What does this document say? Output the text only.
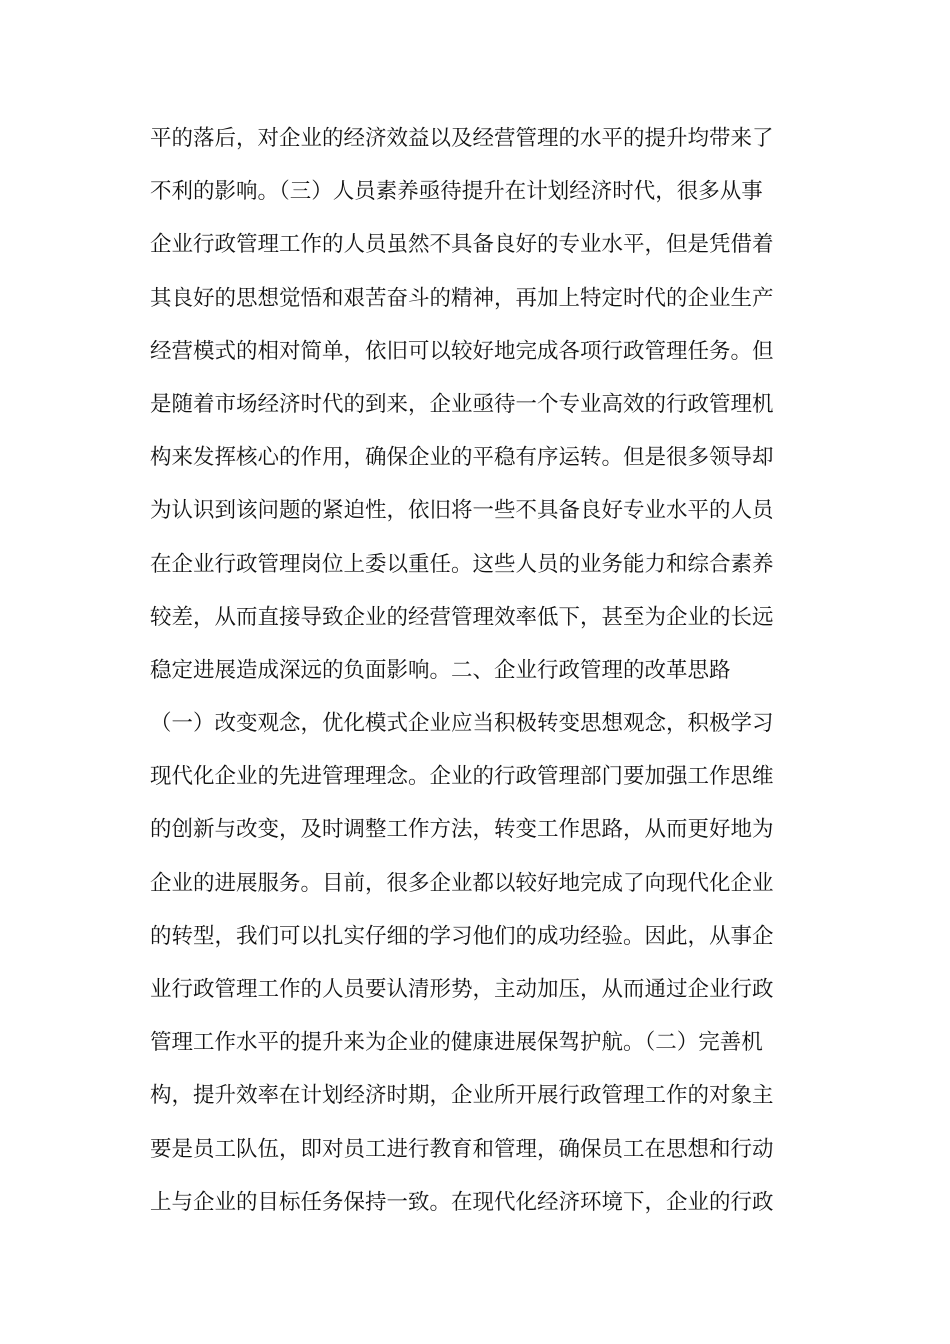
平的落后，对企业的经济效益以及经营管理的水平的提升均带来了
不利的影响。（三）人员素养亟待提升在计划经济时代，很多从事
企业行政管理工作的人员虽然不具备良好的专业水平，但是凭借着
其良好的思想觉悟和艰苦奋斗的精神，再加上特定时代的企业生产
经营模式的相对简单，依旧可以较好地完成各项行政管理任务。但
是随着市场经济时代的到来，企业亟待一个专业高效的行政管理机
构来发挥核心的作用，确保企业的平稳有序运转。但是很多领导却
为认识到该问题的紧迫性，依旧将一些不具备良好专业水平的人员
在企业行政管理岗位上委以重任。这些人员的业务能力和综合素养
较差，从而直接导致企业的经营管理效率低下，甚至为企业的长远
稳定进展造成深远的负面影响。二、企业行政管理的改革思路
（一）改变观念，优化模式企业应当积极转变思想观念，积极学习
现代化企业的先进管理理念。企业的行政管理部门要加强工作思维
的创新与改变，及时调整工作方法，转变工作思路，从而更好地为
企业的进展服务。目前，很多企业都以较好地完成了向现代化企业
的转型，我们可以扎实仔细的学习他们的成功经验。因此，从事企
业行政管理工作的人员要认清形势，主动加压，从而通过企业行政
管理工作水平的提升来为企业的健康进展保驾护航。（二）完善机
构，提升效率在计划经济时期，企业所开展行政管理工作的对象主
要是员工队伍，即对员工进行教育和管理，确保员工在思想和行动
上与企业的目标任务保持一致。在现代化经济环境下，企业的行政
